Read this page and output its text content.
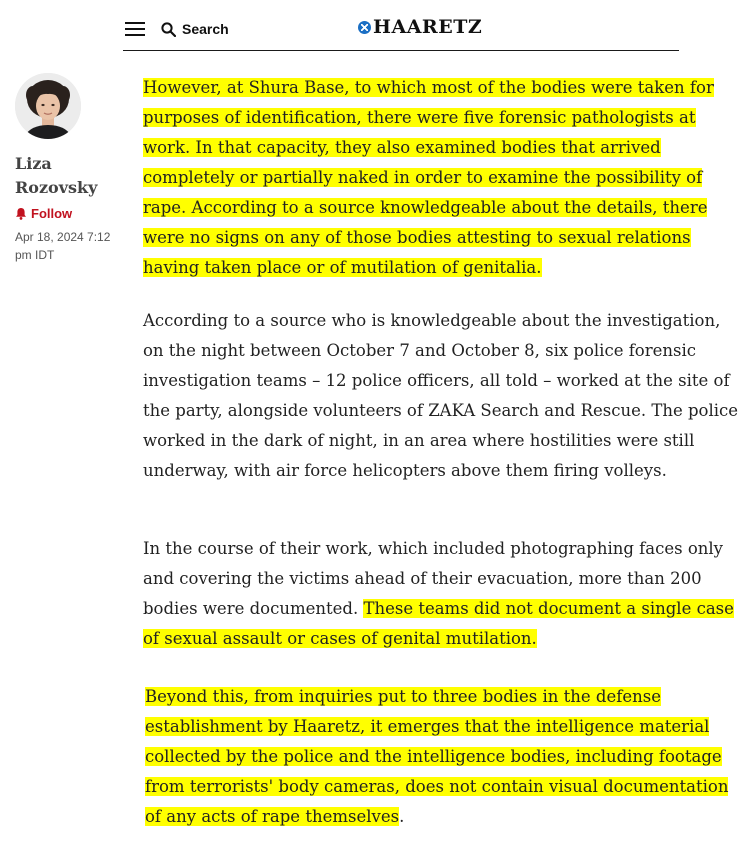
Search	HAARETZ
Liza Rozovsky
Follow
Apr 18, 2024 7:12 pm IDT

However, at Shura Base, to which most of the bodies were taken for purposes of identification, there were five forensic pathologists at work. In that capacity, they also examined bodies that arrived completely or partially naked in order to examine the possibility of rape. According to a source knowledgeable about the details, there were no signs on any of those bodies attesting to sexual relations having taken place or of mutilation of genitalia.

According to a source who is knowledgeable about the investigation, on the night between October 7 and October 8, six police forensic investigation teams – 12 police officers, all told – worked at the site of the party, alongside volunteers of ZAKA Search and Rescue. The police worked in the dark of night, in an area where hostilities were still underway, with air force helicopters above them firing volleys.

In the course of their work, which included photographing faces only and covering the victims ahead of their evacuation, more than 200 bodies were documented. These teams did not document a single case of sexual assault or cases of genital mutilation.

Beyond this, from inquiries put to three bodies in the defense establishment by Haaretz, it emerges that the intelligence material collected by the police and the intelligence bodies, including footage from terrorists' body cameras, does not contain visual documentation of any acts of rape themselves.
